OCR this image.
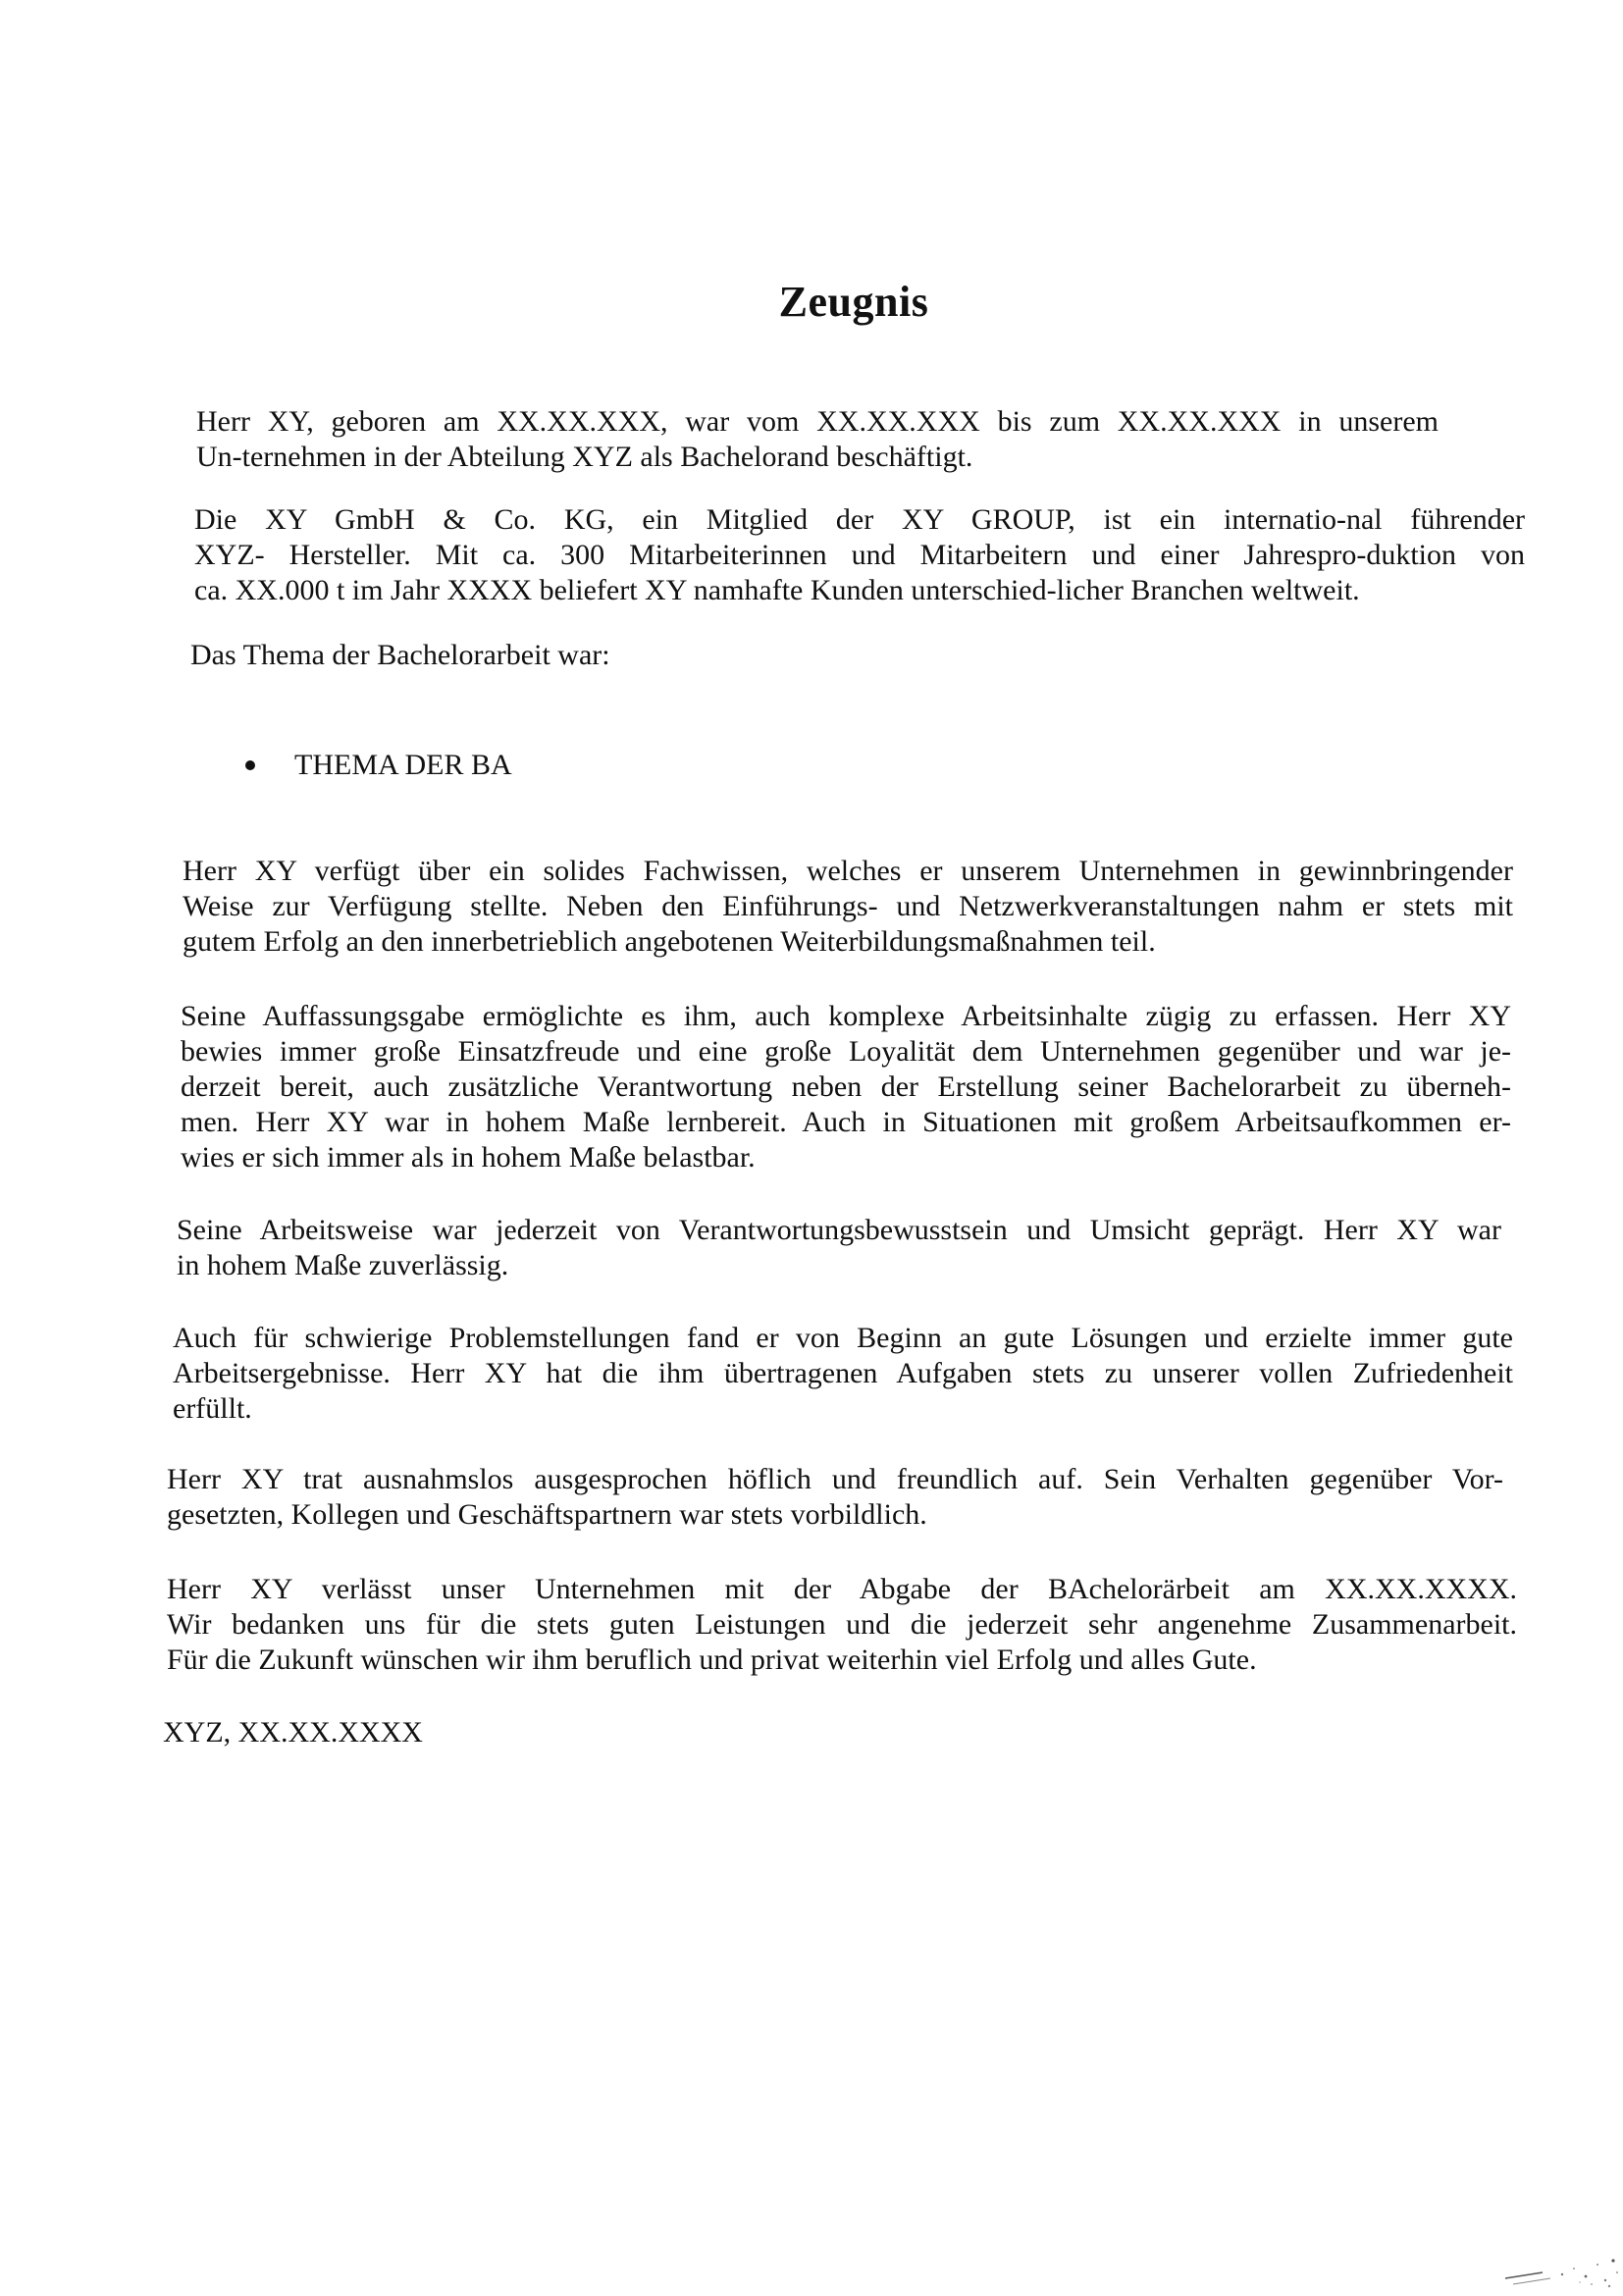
Zeugnis
Herr XY, geboren am XX.XX.XXX, war vom XX.XX.XXX bis zum XX.XX.XXX in unserem
Un-ternehmen in der Abteilung XYZ als Bachelorand beschäftigt.
Die XY GmbH & Co. KG, ein Mitglied der XY GROUP, ist ein internatio-nal führender
XYZ- Hersteller. Mit ca. 300 Mitarbeiterinnen und Mitarbeitern und einer Jahrespro-duktion von
ca. XX.000 t im Jahr XXXX beliefert XY namhafte Kunden unterschied-licher Branchen weltweit.
Das Thema der Bachelorarbeit war:
THEMA DER BA
Herr XY verfügt über ein solides Fachwissen, welches er unserem Unternehmen in gewinnbringender
Weise zur Verfügung stellte. Neben den Einführungs- und Netzwerkveranstaltungen nahm er stets mit
gutem Erfolg an den innerbetrieblich angebotenen Weiterbildungsmaßnahmen teil.
Seine Auffassungsgabe ermöglichte es ihm, auch komplexe Arbeitsinhalte zügig zu erfassen. Herr XY
bewies immer große Einsatzfreude und eine große Loyalität dem Unternehmen gegenüber und war je-
derzeit bereit, auch zusätzliche Verantwortung neben der Erstellung seiner Bachelorarbeit zu überneh-
men. Herr XY war in hohem Maße lernbereit. Auch in Situationen mit großem Arbeitsaufkommen er-
wies er sich immer als in hohem Maße belastbar.
Seine Arbeitsweise war jederzeit von Verantwortungsbewusstsein und Umsicht geprägt. Herr XY war
in hohem Maße zuverlässig.
Auch für schwierige Problemstellungen fand er von Beginn an gute Lösungen und erzielte immer gute
Arbeitsergebnisse. Herr XY hat die ihm übertragenen Aufgaben stets zu unserer vollen Zufriedenheit
erfüllt.
Herr XY trat ausnahmslos ausgesprochen höflich und freundlich auf. Sein Verhalten gegenüber Vor-
gesetzten, Kollegen und Geschäftspartnern war stets vorbildlich.
Herr XY verlässt unser Unternehmen mit der Abgabe der BAchelorärbeit am XX.XX.XXXX.
Wir bedanken uns für die stets guten Leistungen und die jederzeit sehr angenehme Zusammenarbeit.
Für die Zukunft wünschen wir ihm beruflich und privat weiterhin viel Erfolg und alles Gute.
XYZ, XX.XX.XXXX
